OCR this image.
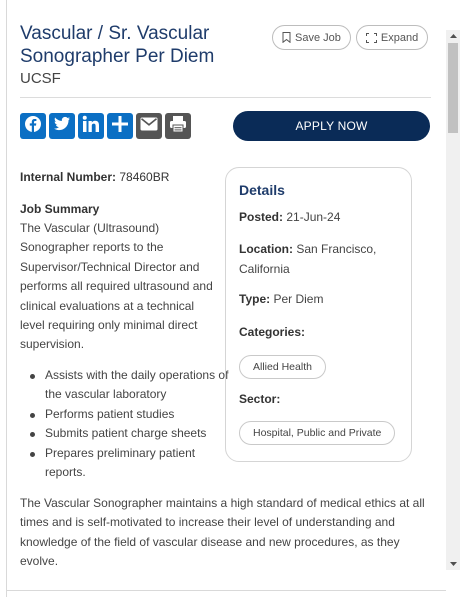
Vascular / Sr. Vascular Sonographer Per Diem
UCSF
Save Job	Expand
APPLY NOW
Internal Number: 78460BR
Job Summary
The Vascular (Ultrasound) Sonographer reports to the Supervisor/Technical Director and performs all required ultrasound and clinical evaluations at a technical level requiring only minimal direct supervision.
Assists with the daily operations of the vascular laboratory
Performs patient studies
Submits patient charge sheets
Prepares preliminary patient reports.
Details
Posted: 21-Jun-24
Location: San Francisco, California
Type: Per Diem
Categories:
Allied Health
Sector:
Hospital, Public and Private
The Vascular Sonographer maintains a high standard of medical ethics at all times and is self-motivated to increase their level of understanding and knowledge of the field of vascular disease and new procedures, as they evolve.
